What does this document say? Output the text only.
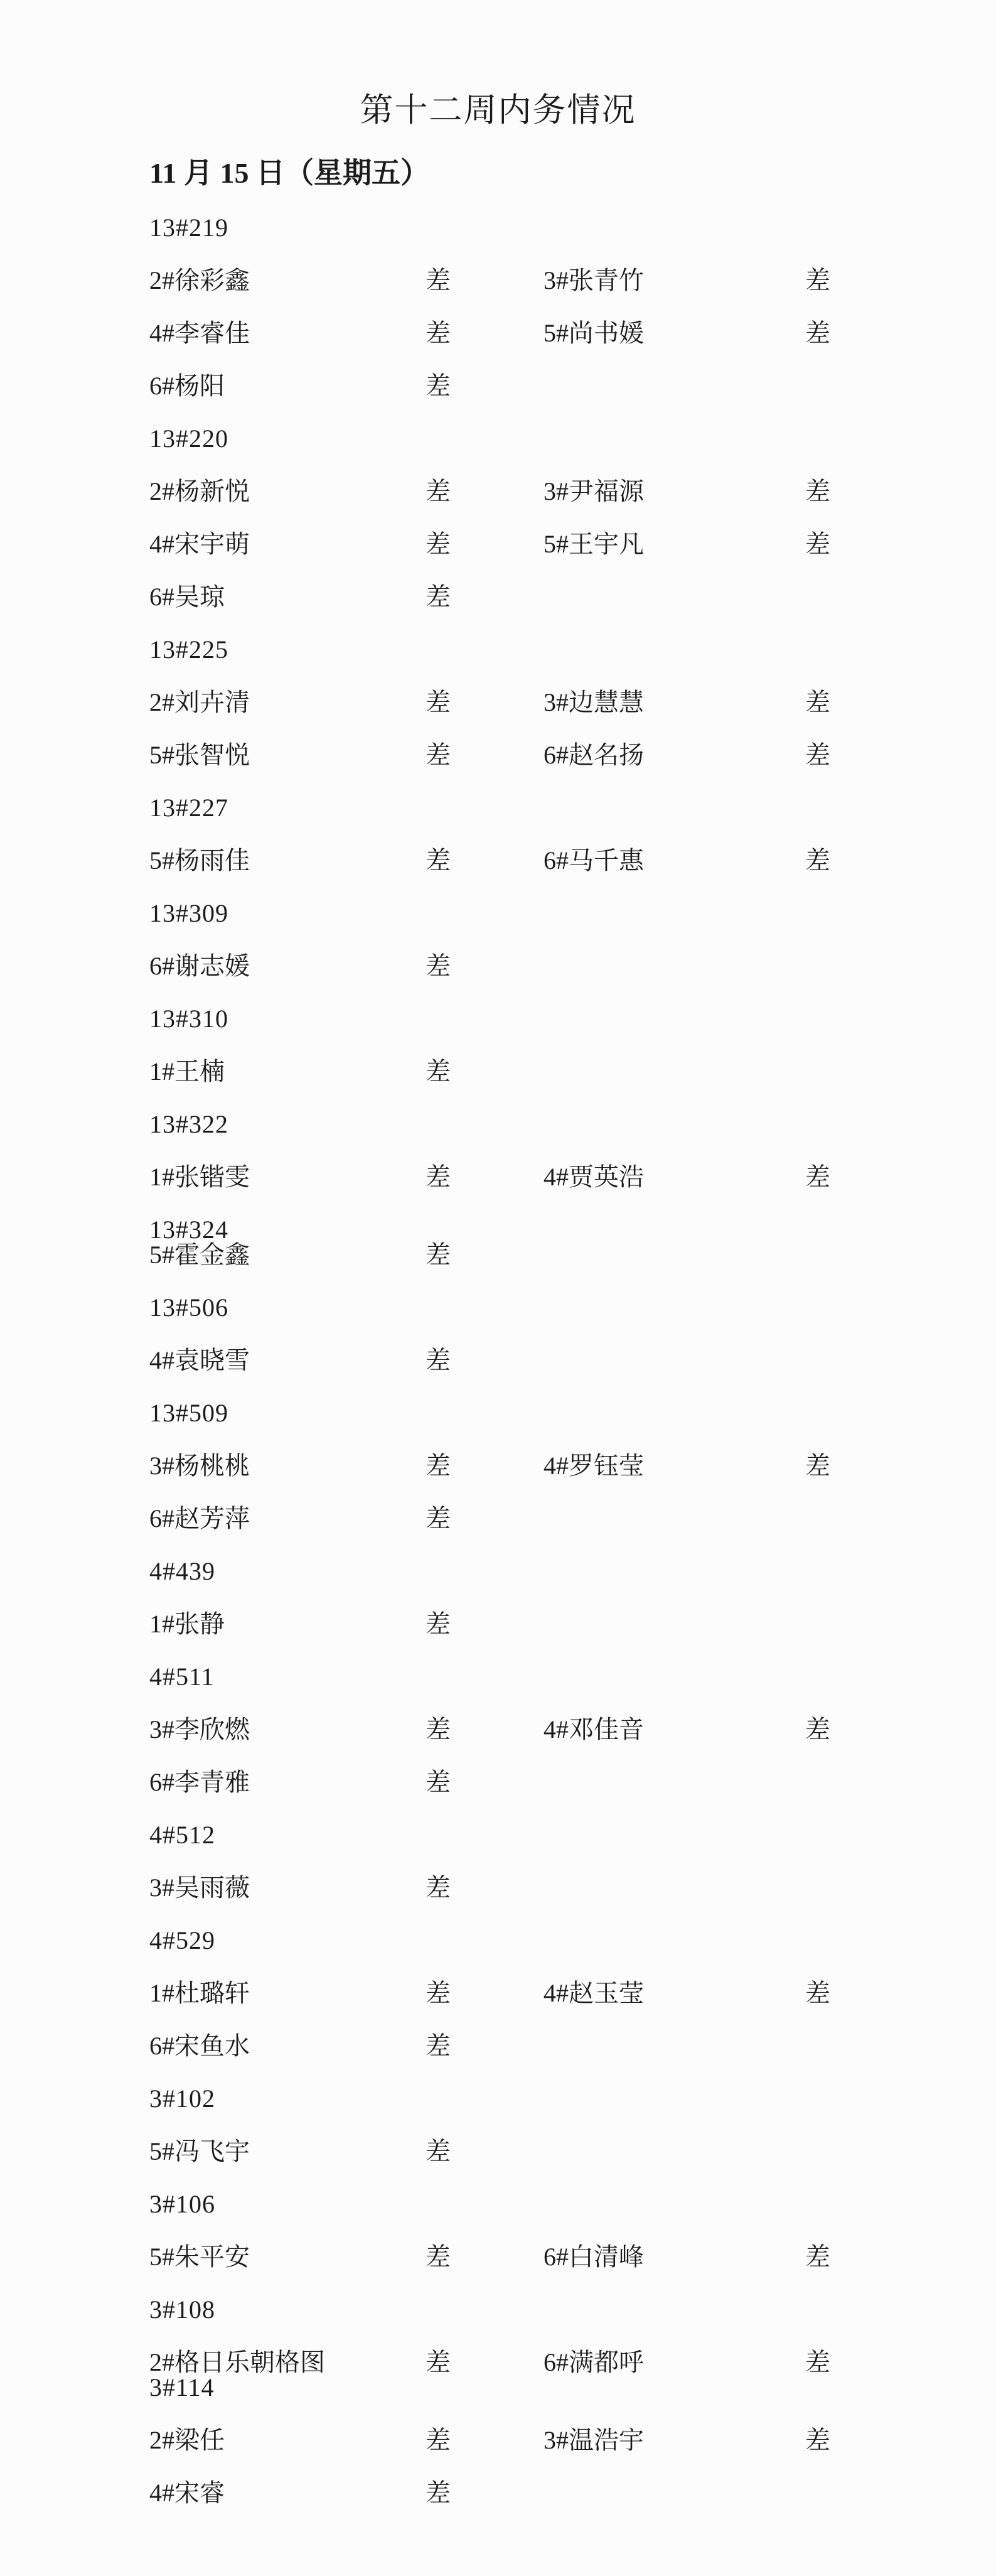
第十二周内务情况
11 月 15 日（星期五）
13#219
2#徐彩鑫	差	3#张青竹	差
4#李睿佳	差	5#尚书媛	差
6#杨阳	差
13#220
2#杨新悦	差	3#尹福源	差
4#宋宇萌	差	5#王宇凡	差
6#吴琼	差
13#225
2#刘卉清	差	3#边慧慧	差
5#张智悦	差	6#赵名扬	差
13#227
5#杨雨佳	差	6#马千惠	差
13#309
6#谢志媛	差
13#310
1#王楠	差
13#322
1#张锴雯	差	4#贾英浩	差
13#324
5#霍金鑫	差
13#506
4#袁晓雪	差
13#509
3#杨桃桃	差	4#罗钰莹	差
6#赵芳萍	差
4#439
1#张静	差
4#511
3#李欣燃	差	4#邓佳音	差
6#李青雅	差
4#512
3#吴雨薇	差
4#529
1#杜璐轩	差	4#赵玉莹	差
6#宋鱼水	差
3#102
5#冯飞宇	差
3#106
5#朱平安	差	6#白清峰	差
3#108
2#格日乐朝格图	差	6#满都呼	差
3#114
2#梁任	差	3#温浩宇	差
4#宋睿	差
